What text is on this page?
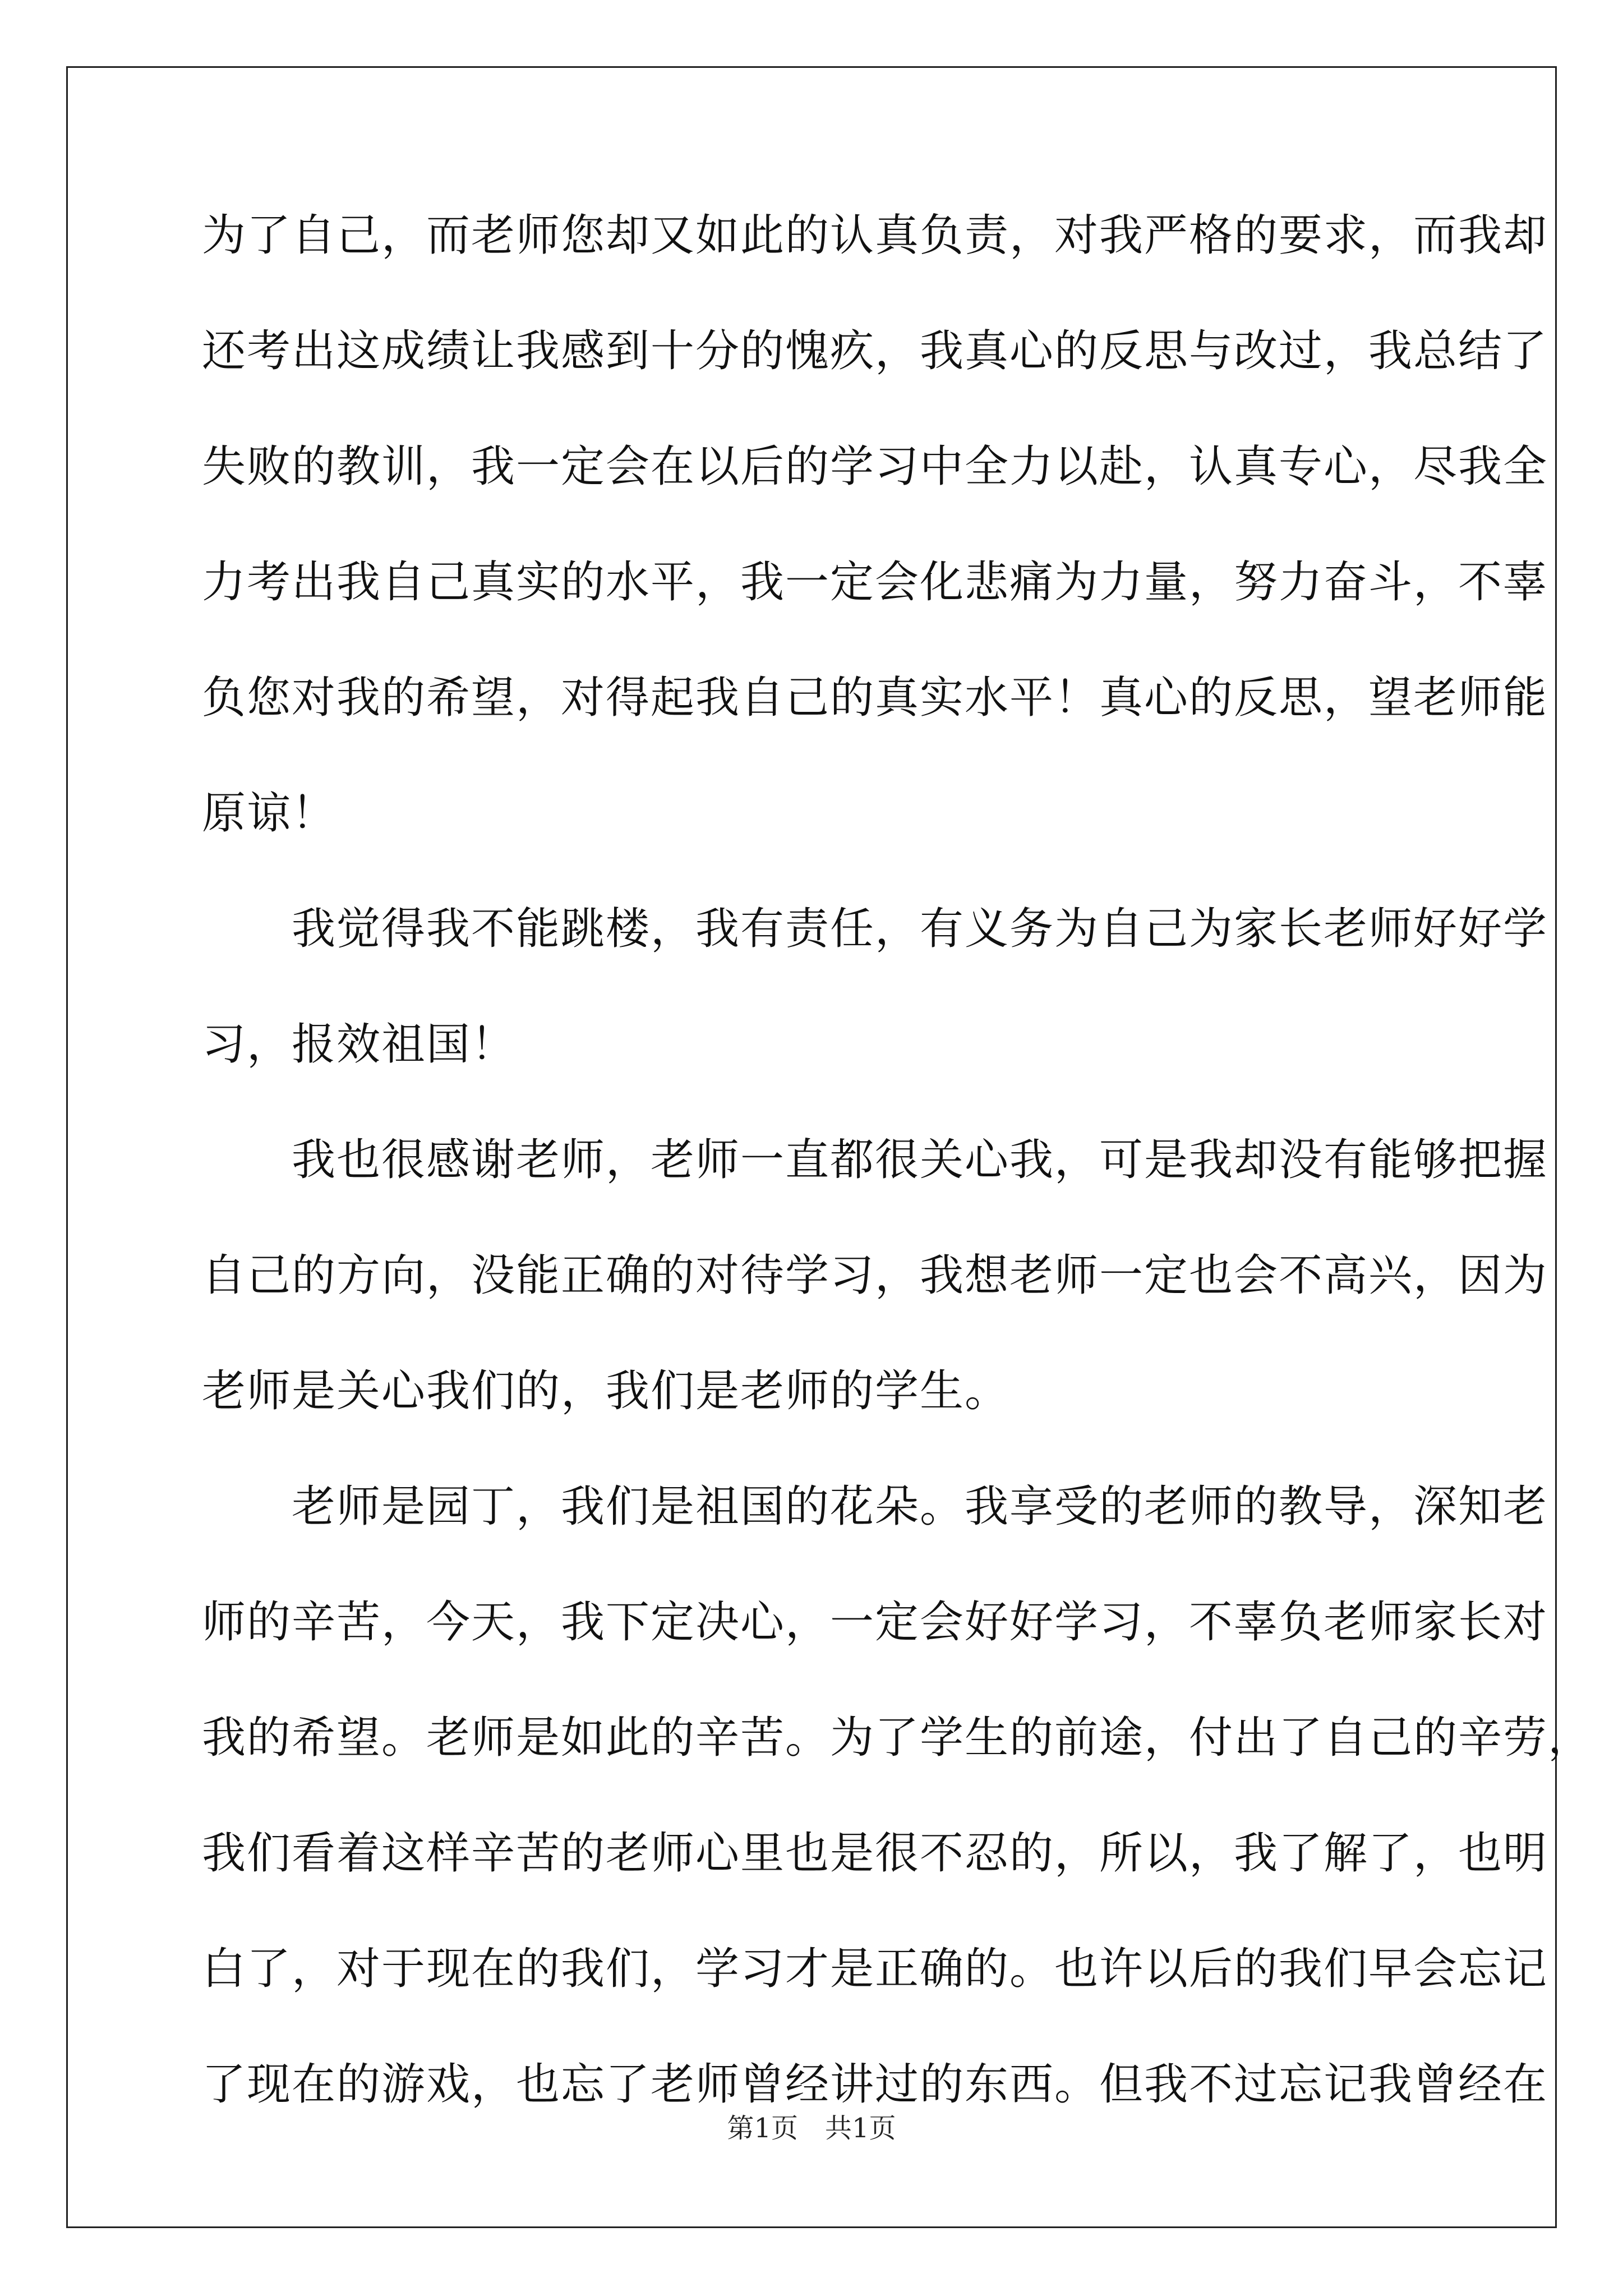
为了自己，而老师您却又如此的认真负责，对我严格的要求，而我却
还考出这成绩让我感到十分的愧疚，我真心的反思与改过，我总结了
失败的教训，我一定会在以后的学习中全力以赴，认真专心，尽我全
力考出我自己真实的水平，我一定会化悲痛为力量，努力奋斗，不辜
负您对我的希望，对得起我自己的真实水平！真心的反思，望老师能
原谅！
　　我觉得我不能跳楼，我有责任，有义务为自己为家长老师好好学
习，报效祖国！
　　我也很感谢老师，老师一直都很关心我，可是我却没有能够把握
自己的方向，没能正确的对待学习，我想老师一定也会不高兴，因为
老师是关心我们的，我们是老师的学生。
　　老师是园丁，我们是祖国的花朵。我享受的老师的教导，深知老
师的辛苦，今天，我下定决心，一定会好好学习，不辜负老师家长对
我的希望。老师是如此的辛苦。为了学生的前途，付出了自己的辛劳，
我们看着这样辛苦的老师心里也是很不忍的，所以，我了解了，也明
白了，对于现在的我们，学习才是正确的。也许以后的我们早会忘记
了现在的游戏，也忘了老师曾经讲过的东西。但我不过忘记我曾经在
第1页　共1页
